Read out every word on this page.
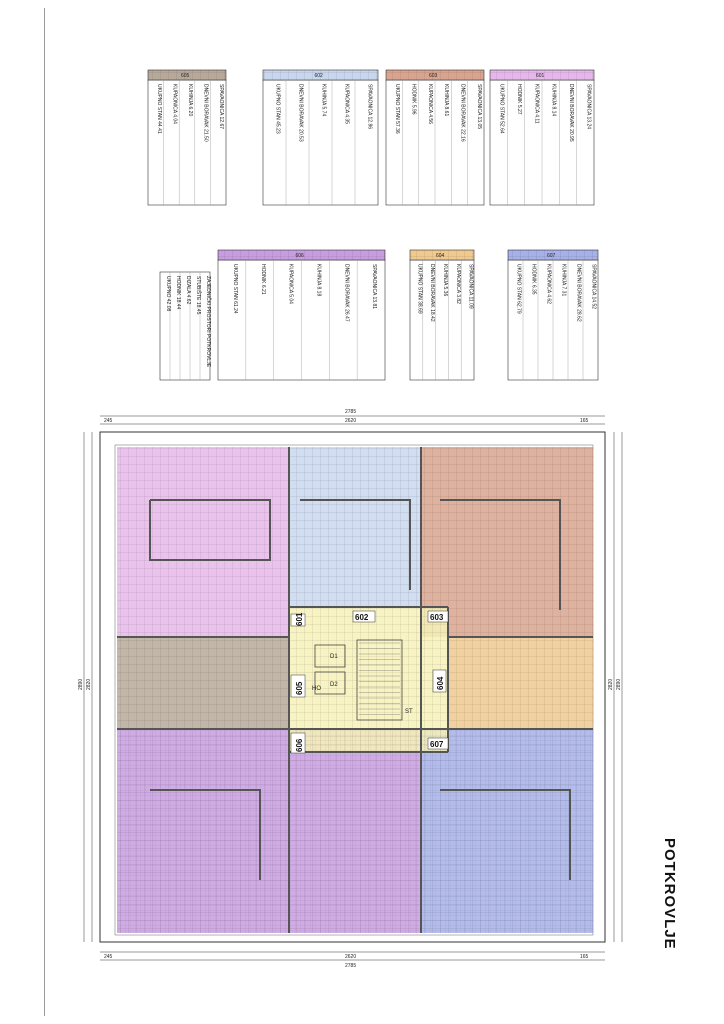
601
SPAVAONICA 13.24
DNEVNI BORAVAK 20.95
KUHINJA 8.14
KUPAONICA 4.11
HODNIK 5.27
UKUPNO STAN 52.64
602
SPAVAONICA 12.86
KUPAONICA 4.35
KUHINJA 5.74
DNEVNI BORAVAK 20.53
UKUPNO STAN 45.23
603
SPAVAONICA 13.05
DNEVNI BORAVAK 22.16
KUHINJA 8.61
KUPAONICA 4.56
HODNIK 5.96
UKUPNO STAN 57.36
604
SPAVAONICA 11.09
KUPAONICA 3.82
KUHINJA 5.36
DNEVNI BORAVAK 18.42
UKUPNO STAN 38.69
605
SPAVAONICA 12.67
DNEVNI BORAVAK 21.50
KUHINJA 6.20
KUPAONICA 4.04
UKUPNO STAN 44.41
606
SPAVAONICA 13.81
DNEVNI BORAVAK 26.47
KUHINJA 8.18
KUPAONICA 5.04
HODNIK 6.21
UKUPNO STAN 61.24
607
SPAVAONICA 14.52
DNEVNI BORAVAK 28.62
KUHINJA 7.31
KUPAONICA 4.62
HODNIK 6.35
UKUPNO STAN 62.79
ZAJEDNIČKI PROSTORI POTKROVLJE
STUBIŠTE 18.45
DIZALA 4.62
HODNIK 18.44
UKUPNO 42.08
2785
2620
245	165
2785
2620
245	165
2890 2820	2890
2820
601	602	603
604
605
606	607
ST
D1
D2
HO
POTKROVLJE
